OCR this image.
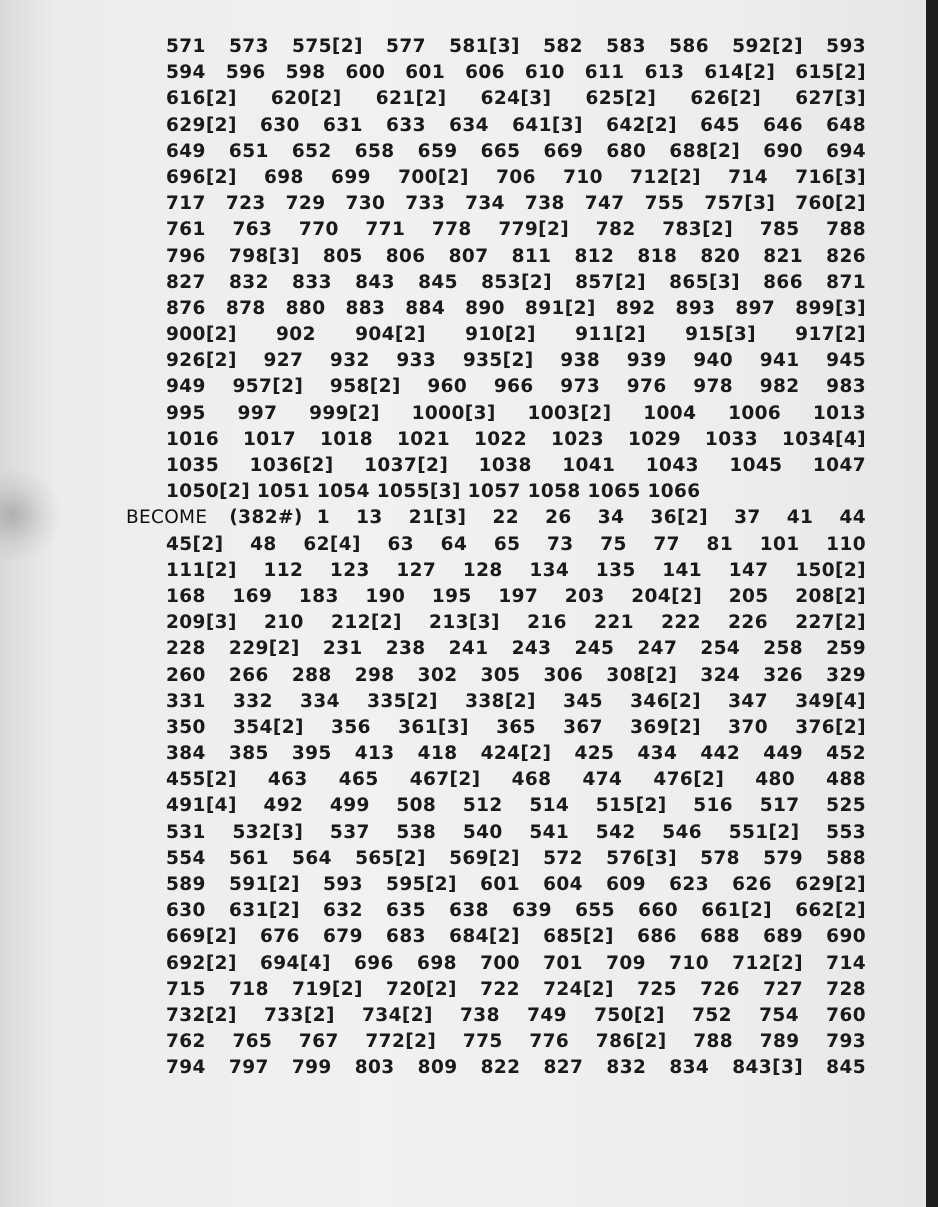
571 573 575[2] 577 581[3] 582 583 586 592[2] 593
594 596 598 600 601 606 610 611 613 614[2] 615[2]
616[2] 620[2] 621[2] 624[3] 625[2] 626[2] 627[3]
629[2] 630 631 633 634 641[3] 642[2] 645 646 648
649 651 652 658 659 665 669 680 688[2] 690 694
696[2] 698 699 700[2] 706 710 712[2] 714 716[3]
717 723 729 730 733 734 738 747 755 757[3] 760[2]
761 763 770 771 778 779[2] 782 783[2] 785 788
796 798[3] 805 806 807 811 812 818 820 821 826
827 832 833 843 845 853[2] 857[2] 865[3] 866 871
876 878 880 883 884 890 891[2] 892 893 897 899[3]
900[2] 902 904[2] 910[2] 911[2] 915[3] 917[2]
926[2] 927 932 933 935[2] 938 939 940 941 945
949 957[2] 958[2] 960 966 973 976 978 982 983
995 997 999[2] 1000[3] 1003[2] 1004 1006 1013
1016 1017 1018 1021 1022 1023 1029 1033 1034[4]
1035 1036[2] 1037[2] 1038 1041 1043 1045 1047
1050[2] 1051 1054 1055[3] 1057 1058 1065 1066
BECOME (382#) 1 13 21[3] 22 26 34 36[2] 37 41 44
45[2] 48 62[4] 63 64 65 73 75 77 81 101 110
111[2] 112 123 127 128 134 135 141 147 150[2]
168 169 183 190 195 197 203 204[2] 205 208[2]
209[3] 210 212[2] 213[3] 216 221 222 226 227[2]
228 229[2] 231 238 241 243 245 247 254 258 259
260 266 288 298 302 305 306 308[2] 324 326 329
331 332 334 335[2] 338[2] 345 346[2] 347 349[4]
350 354[2] 356 361[3] 365 367 369[2] 370 376[2]
384 385 395 413 418 424[2] 425 434 442 449 452
455[2] 463 465 467[2] 468 474 476[2] 480 488
491[4] 492 499 508 512 514 515[2] 516 517 525
531 532[3] 537 538 540 541 542 546 551[2] 553
554 561 564 565[2] 569[2] 572 576[3] 578 579 588
589 591[2] 593 595[2] 601 604 609 623 626 629[2]
630 631[2] 632 635 638 639 655 660 661[2] 662[2]
669[2] 676 679 683 684[2] 685[2] 686 688 689 690
692[2] 694[4] 696 698 700 701 709 710 712[2] 714
715 718 719[2] 720[2] 722 724[2] 725 726 727 728
732[2] 733[2] 734[2] 738 749 750[2] 752 754 760
762 765 767 772[2] 775 776 786[2] 788 789 793
794 797 799 803 809 822 827 832 834 843[3] 845
